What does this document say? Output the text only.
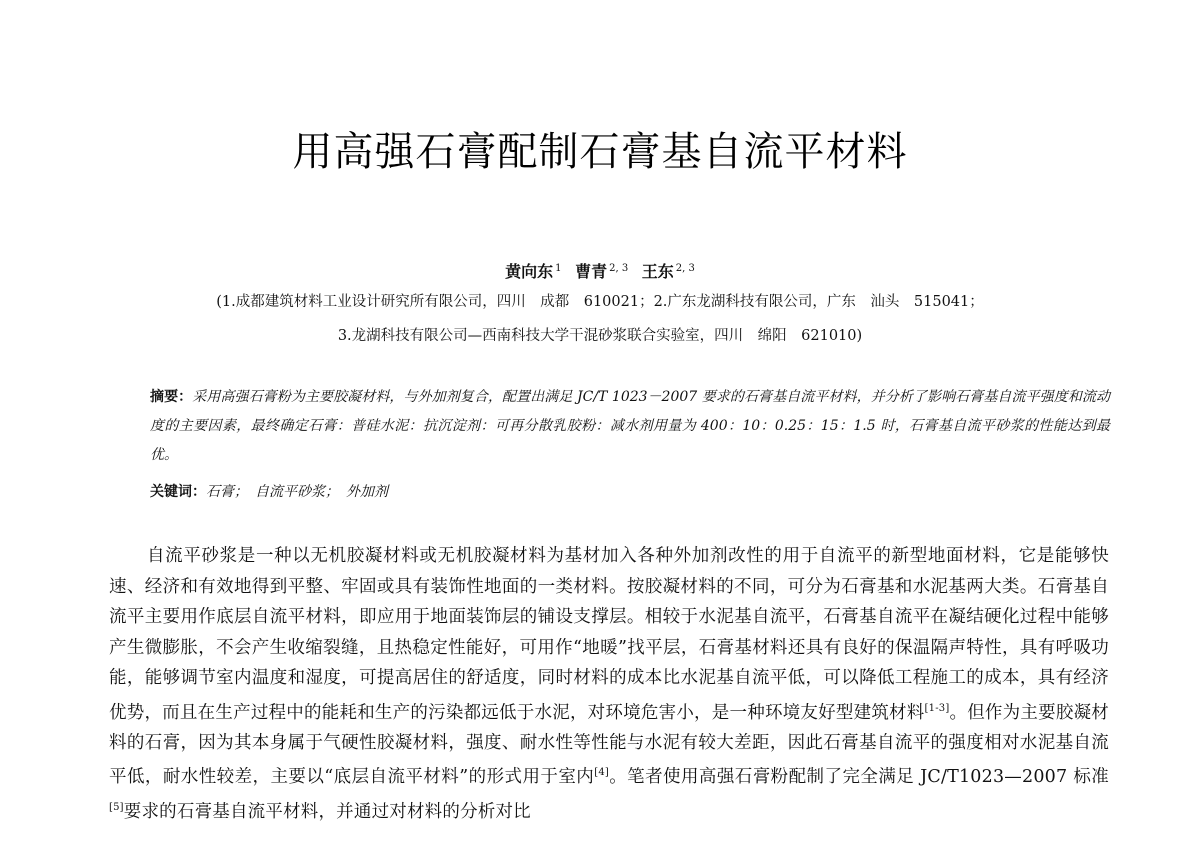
用高强石膏配制石膏基自流平材料
黄向东 $^1$ 曹青 $^{2, 3}$ 王东 $^{2, 3}$
(1.成都建筑材料工业设计研究所有限公司，四川　成都　610021；2.广东龙湖科技有限公司，广东　汕头　515041；
3.龙湖科技有限公司—西南科技大学干混砂浆联合实验室，四川　绵阳　621010)
摘要：采用高强石膏粉为主要胶凝材料，与外加剂复合，配置出满足 JC/T 1023－2007 要求的石膏基自流平材料，并分析了影响石膏基自流平强度和流动度的主要因素，最终确定石膏：普硅水泥：抗沉淀剂：可再分散乳胶粉：减水剂用量为 400：10：0.25：15：1.5 时，石膏基自流平砂浆的性能达到最优。
关键词：石膏；　自流平砂浆；　外加剂
自流平砂浆是一种以无机胶凝材料或无机胶凝材料为基材加入各种外加剂改性的用于自流平的新型地面材料，它是能够快速、经济和有效地得到平整、牢固或具有装饰性地面的一类材料。按胶凝材料的不同，可分为石膏基和水泥基两大类。石膏基自流平主要用作底层自流平材料，即应用于地面装饰层的铺设支撑层。相较于水泥基自流平，石膏基自流平在凝结硬化过程中能够产生微膨胀，不会产生收缩裂缝，且热稳定性能好，可用作“地暖”找平层，石膏基材料还具有良好的保温隔声特性，具有呼吸功能，能够调节室内温度和湿度，可提高居住的舒适度，同时材料的成本比水泥基自流平低，可以降低工程施工的成本，具有经济优势，而且在生产过程中的能耗和生产的污染都远低于水泥，对环境危害小，是一种环境友好型建筑材料[1-3]。但作为主要胶凝材料的石膏，因为其本身属于气硬性胶凝材料，强度、耐水性等性能与水泥有较大差距，因此石膏基自流平的强度相对水泥基自流平低，耐水性较差，主要以“底层自流平材料”的形式用于室内[4]。笔者使用高强石膏粉配制了完全满足 JC/T1023—2007 标准[5]要求的石膏基自流平材料，并通过对材料的分析对比
